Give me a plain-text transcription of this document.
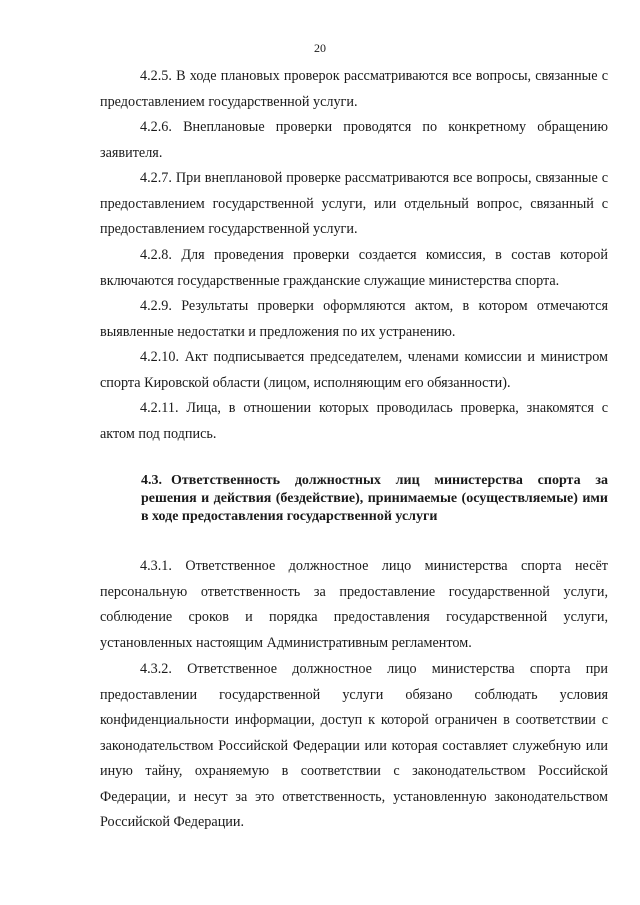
20

4.2.5. В ходе плановых проверок рассматриваются все вопросы, связанные с предоставлением государственной услуги.

4.2.6. Внеплановые проверки проводятся по конкретному обращению заявителя.

4.2.7. При внеплановой проверке рассматриваются все вопросы, связанные с предоставлением государственной услуги, или отдельный вопрос, связанный с предоставлением государственной услуги.

4.2.8. Для проведения проверки создается комиссия, в состав которой включаются государственные гражданские служащие министерства спорта.

4.2.9. Результаты проверки оформляются актом, в котором отмечаются выявленные недостатки и предложения по их устранению.

4.2.10. Акт подписывается председателем, членами комиссии и министром спорта Кировской области (лицом, исполняющим его обязанности).

4.2.11. Лица, в отношении которых проводилась проверка, знакомятся с актом под подпись.

4.3. Ответственность должностных лиц министерства спорта за решения и действия (бездействие), принимаемые (осуществляемые) ими в ходе предоставления государственной услуги

4.3.1. Ответственное должностное лицо министерства спорта несёт персональную ответственность за предоставление государственной услуги, соблюдение сроков и порядка предоставления государственной услуги, установленных настоящим Административным регламентом.

4.3.2. Ответственное должностное лицо министерства спорта при предоставлении государственной услуги обязано соблюдать условия конфиденциальности информации, доступ к которой ограничен в соответствии с законодательством Российской Федерации или которая составляет служебную или иную тайну, охраняемую в соответствии с законодательством Российской Федерации, и несут за это ответственность, установленную законодательством Российской Федерации.
